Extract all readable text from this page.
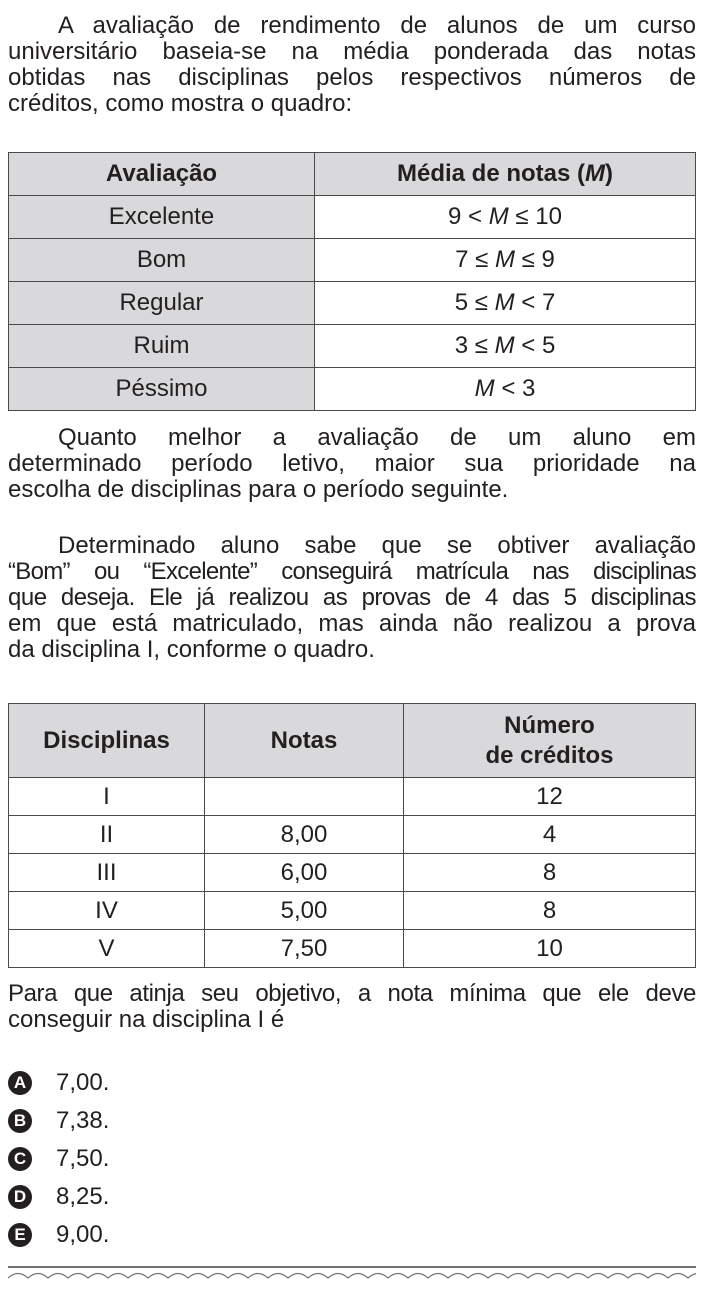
A avaliação de rendimento de alunos de um curso
universitário baseia-se na média ponderada das notas
obtidas nas disciplinas pelos respectivos números de
créditos, como mostra o quadro:
Avaliação	Média de notas (M)
Excelente	9 < M ≤ 10
Bom	7 ≤ M ≤ 9
Regular	5 ≤ M < 7
Ruim	3 ≤ M < 5
Péssimo	M < 3
Quanto melhor a avaliação de um aluno em
determinado período letivo, maior sua prioridade na
escolha de disciplinas para o período seguinte.
Determinado aluno sabe que se obtiver avaliação
“Bom” ou “Excelente” conseguirá matrícula nas disciplinas
que deseja. Ele já realizou as provas de 4 das 5 disciplinas
em que está matriculado, mas ainda não realizou a prova
da disciplina I, conforme o quadro.
Disciplinas	Notas	Número
de créditos
I		12
II	8,00	4
III	6,00	8
IV	5,00	8
V	7,50	10
Para que atinja seu objetivo, a nota mínima que ele deve
conseguir na disciplina I é
A 7,00.
B 7,38.
C 7,50.
D 8,25.
E 9,00.
